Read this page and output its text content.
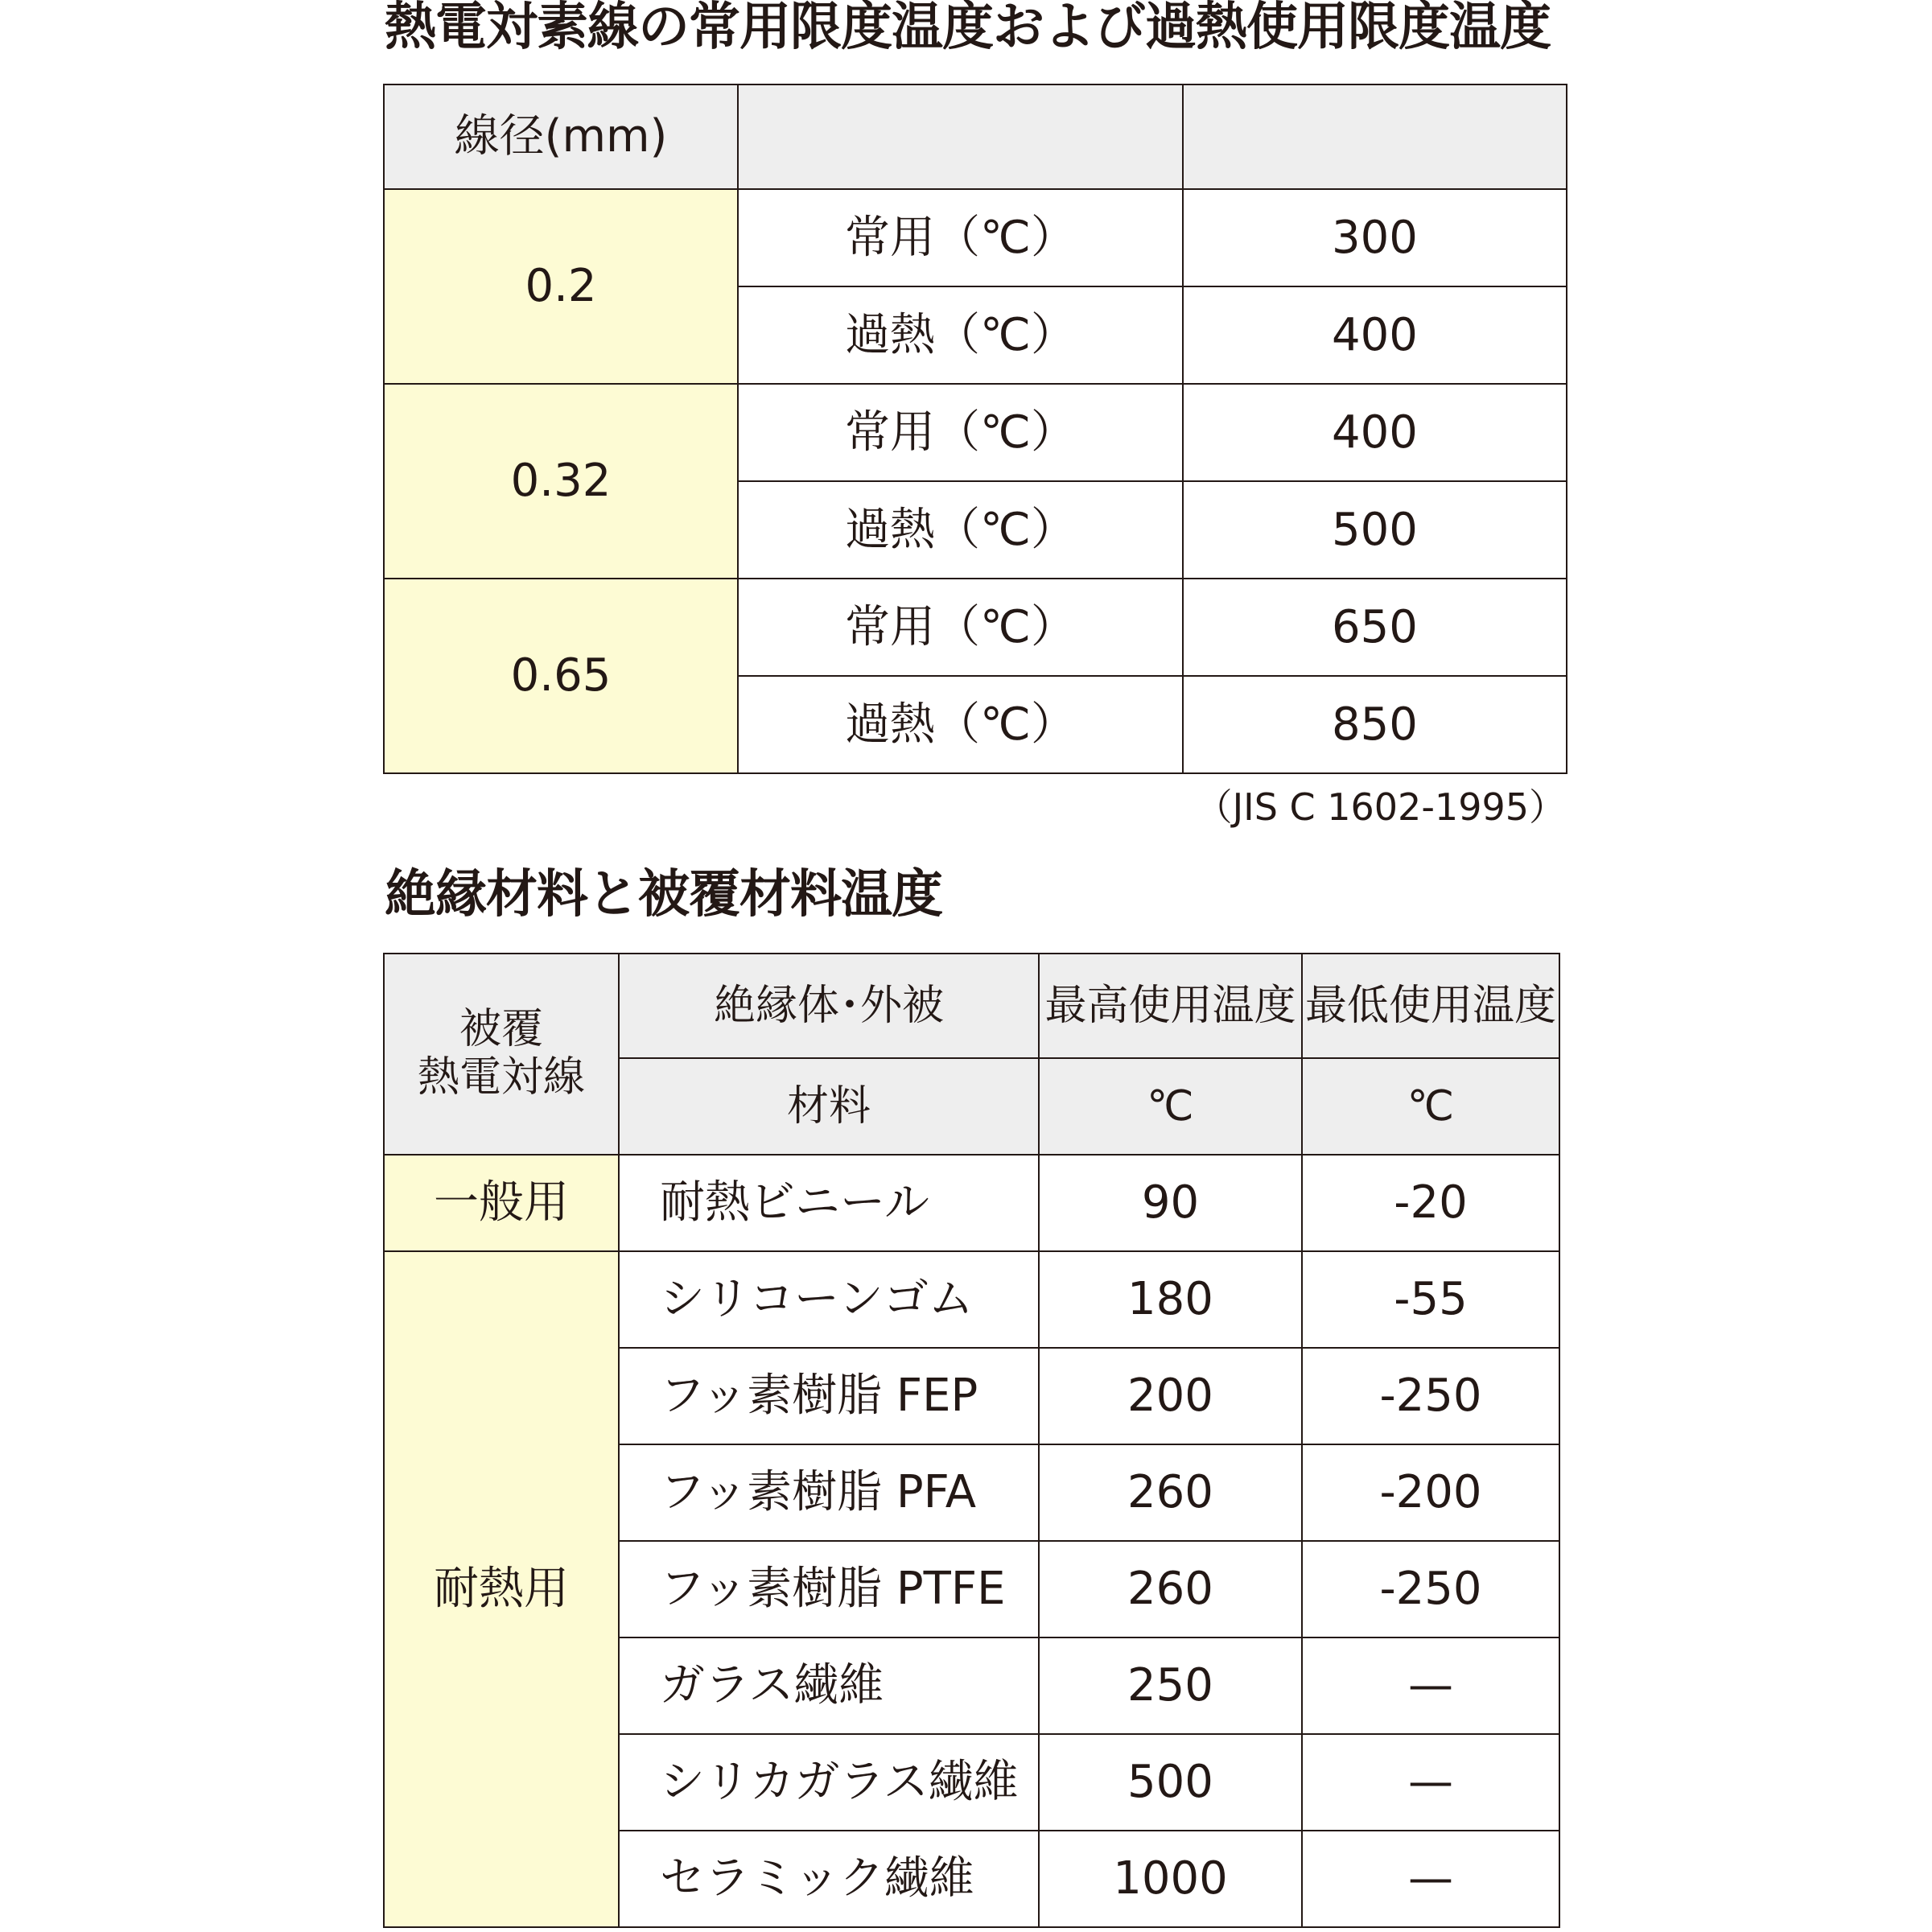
熱電対素線の常用限度温度および過熱使用限度温度
線径(mm)		
0.2	常用（℃）	300
	過熱（℃）	400
0.32	常用（℃）	400
	過熱（℃）	500
0.65	常用（℃）	650
	過熱（℃）	850
（JIS C 1602-1995）
絶縁材料と被覆材料温度
被覆
熱電対線	絶縁体･外被	最高使用温度	最低使用温度
	材料	℃	℃
一般用	耐熱ビニール	90	-20
耐熱用	シリコーンゴム	180	-55
	フッ素樹脂 FEP	200	-250
	フッ素樹脂 PFA	260	-200
	フッ素樹脂 PTFE	260	-250
	ガラス繊維	250	—
	シリカガラス繊維	500	—
	セラミック繊維	1000	—
